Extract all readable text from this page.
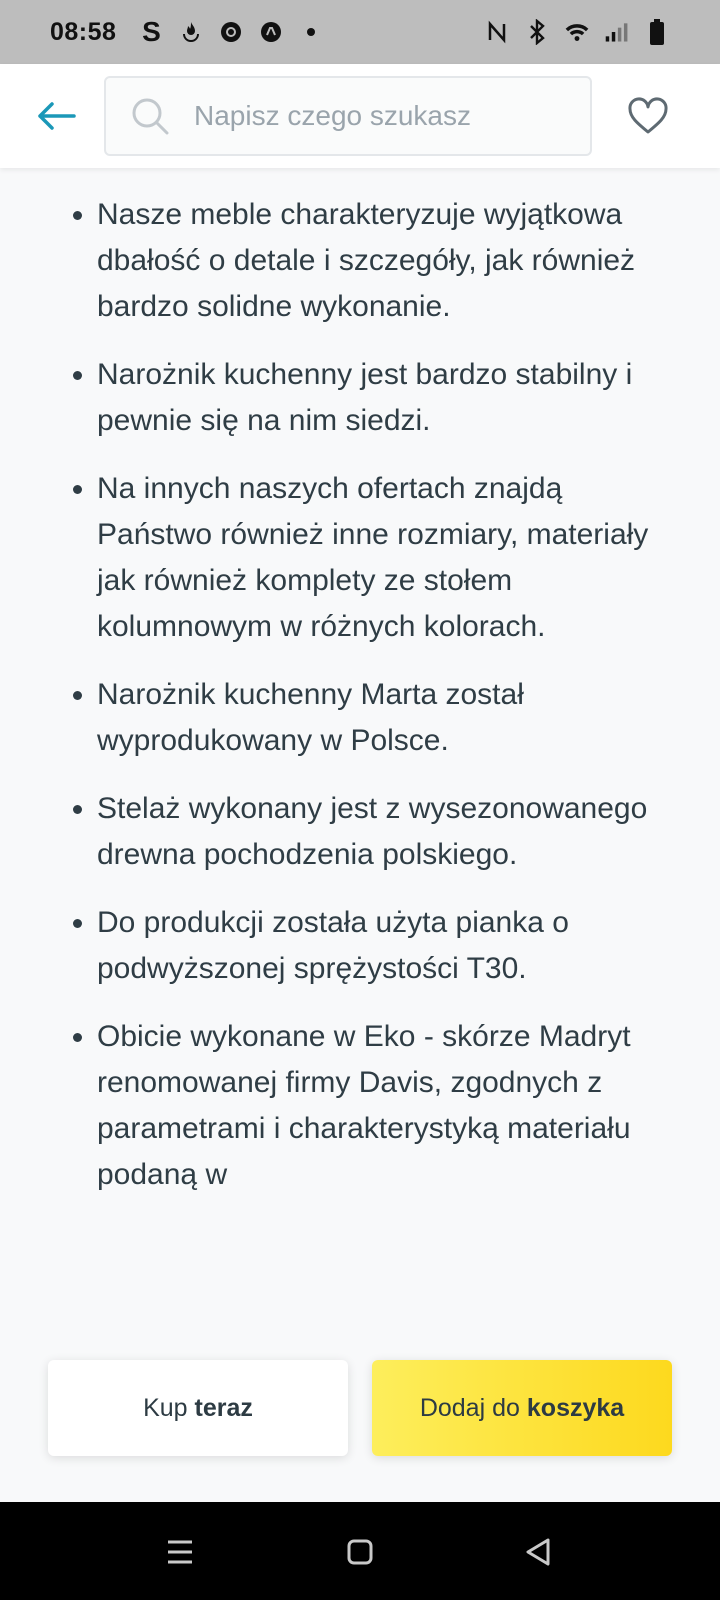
08:58 S
Napisz czego szukasz
Nasze meble charakteryzuje wyjątkowa dbałość o detale i szczegóły, jak również bardzo solidne wykonanie.
Narożnik kuchenny jest bardzo stabilny i pewnie się na nim siedzi.
Na innych naszych ofertach znajdą Państwo również inne rozmiary, materiały jak również komplety ze stołem kolumnowym w różnych kolorach.
Narożnik kuchenny Marta został wyprodukowany w Polsce.
Stelaż wykonany jest z wysezonowanego drewna pochodzenia polskiego.
Do produkcji została użyta pianka o podwyższonej sprężystości T30.
Obicie wykonane w Eko - skórze Madryt renomowanej firmy Davis, zgodnych z parametrami i charakterystyką materiału podaną w
Kup teraz	Dodaj do koszyka
